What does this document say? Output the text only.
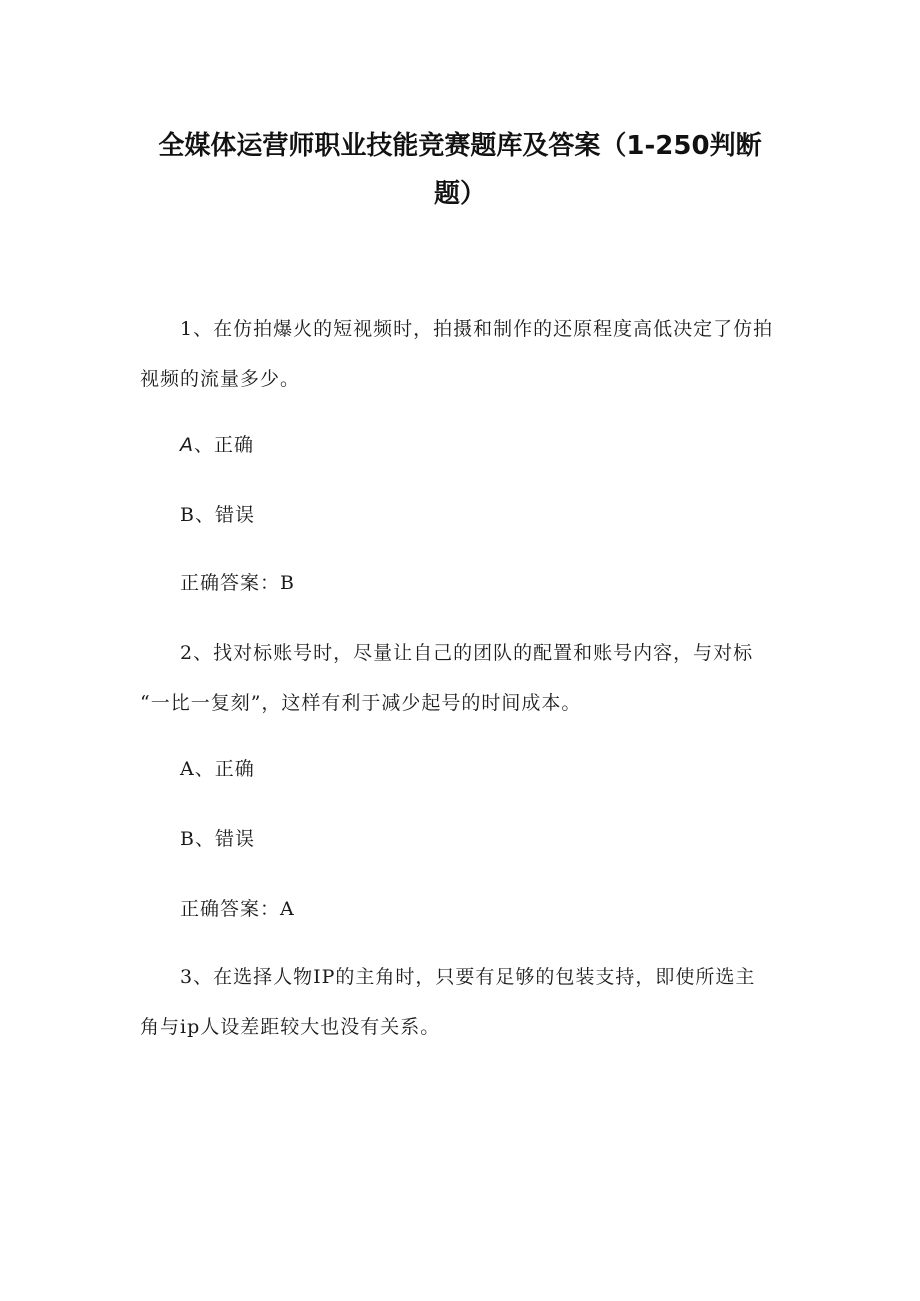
全媒体运营师职业技能竞赛题库及答案（1-250判断
题）
1、在仿拍爆火的短视频时，拍摄和制作的还原程度高低决定了仿拍
视频的流量多少。
A、正确
B、错误
正确答案：B
2、找对标账号时，尽量让自己的团队的配置和账号内容，与对标
“一比一复刻”，这样有利于减少起号的时间成本。
A、正确
B、错误
正确答案：A
3、在选择人物IP的主角时，只要有足够的包装支持，即使所选主
角与ip人设差距较大也没有关系。
